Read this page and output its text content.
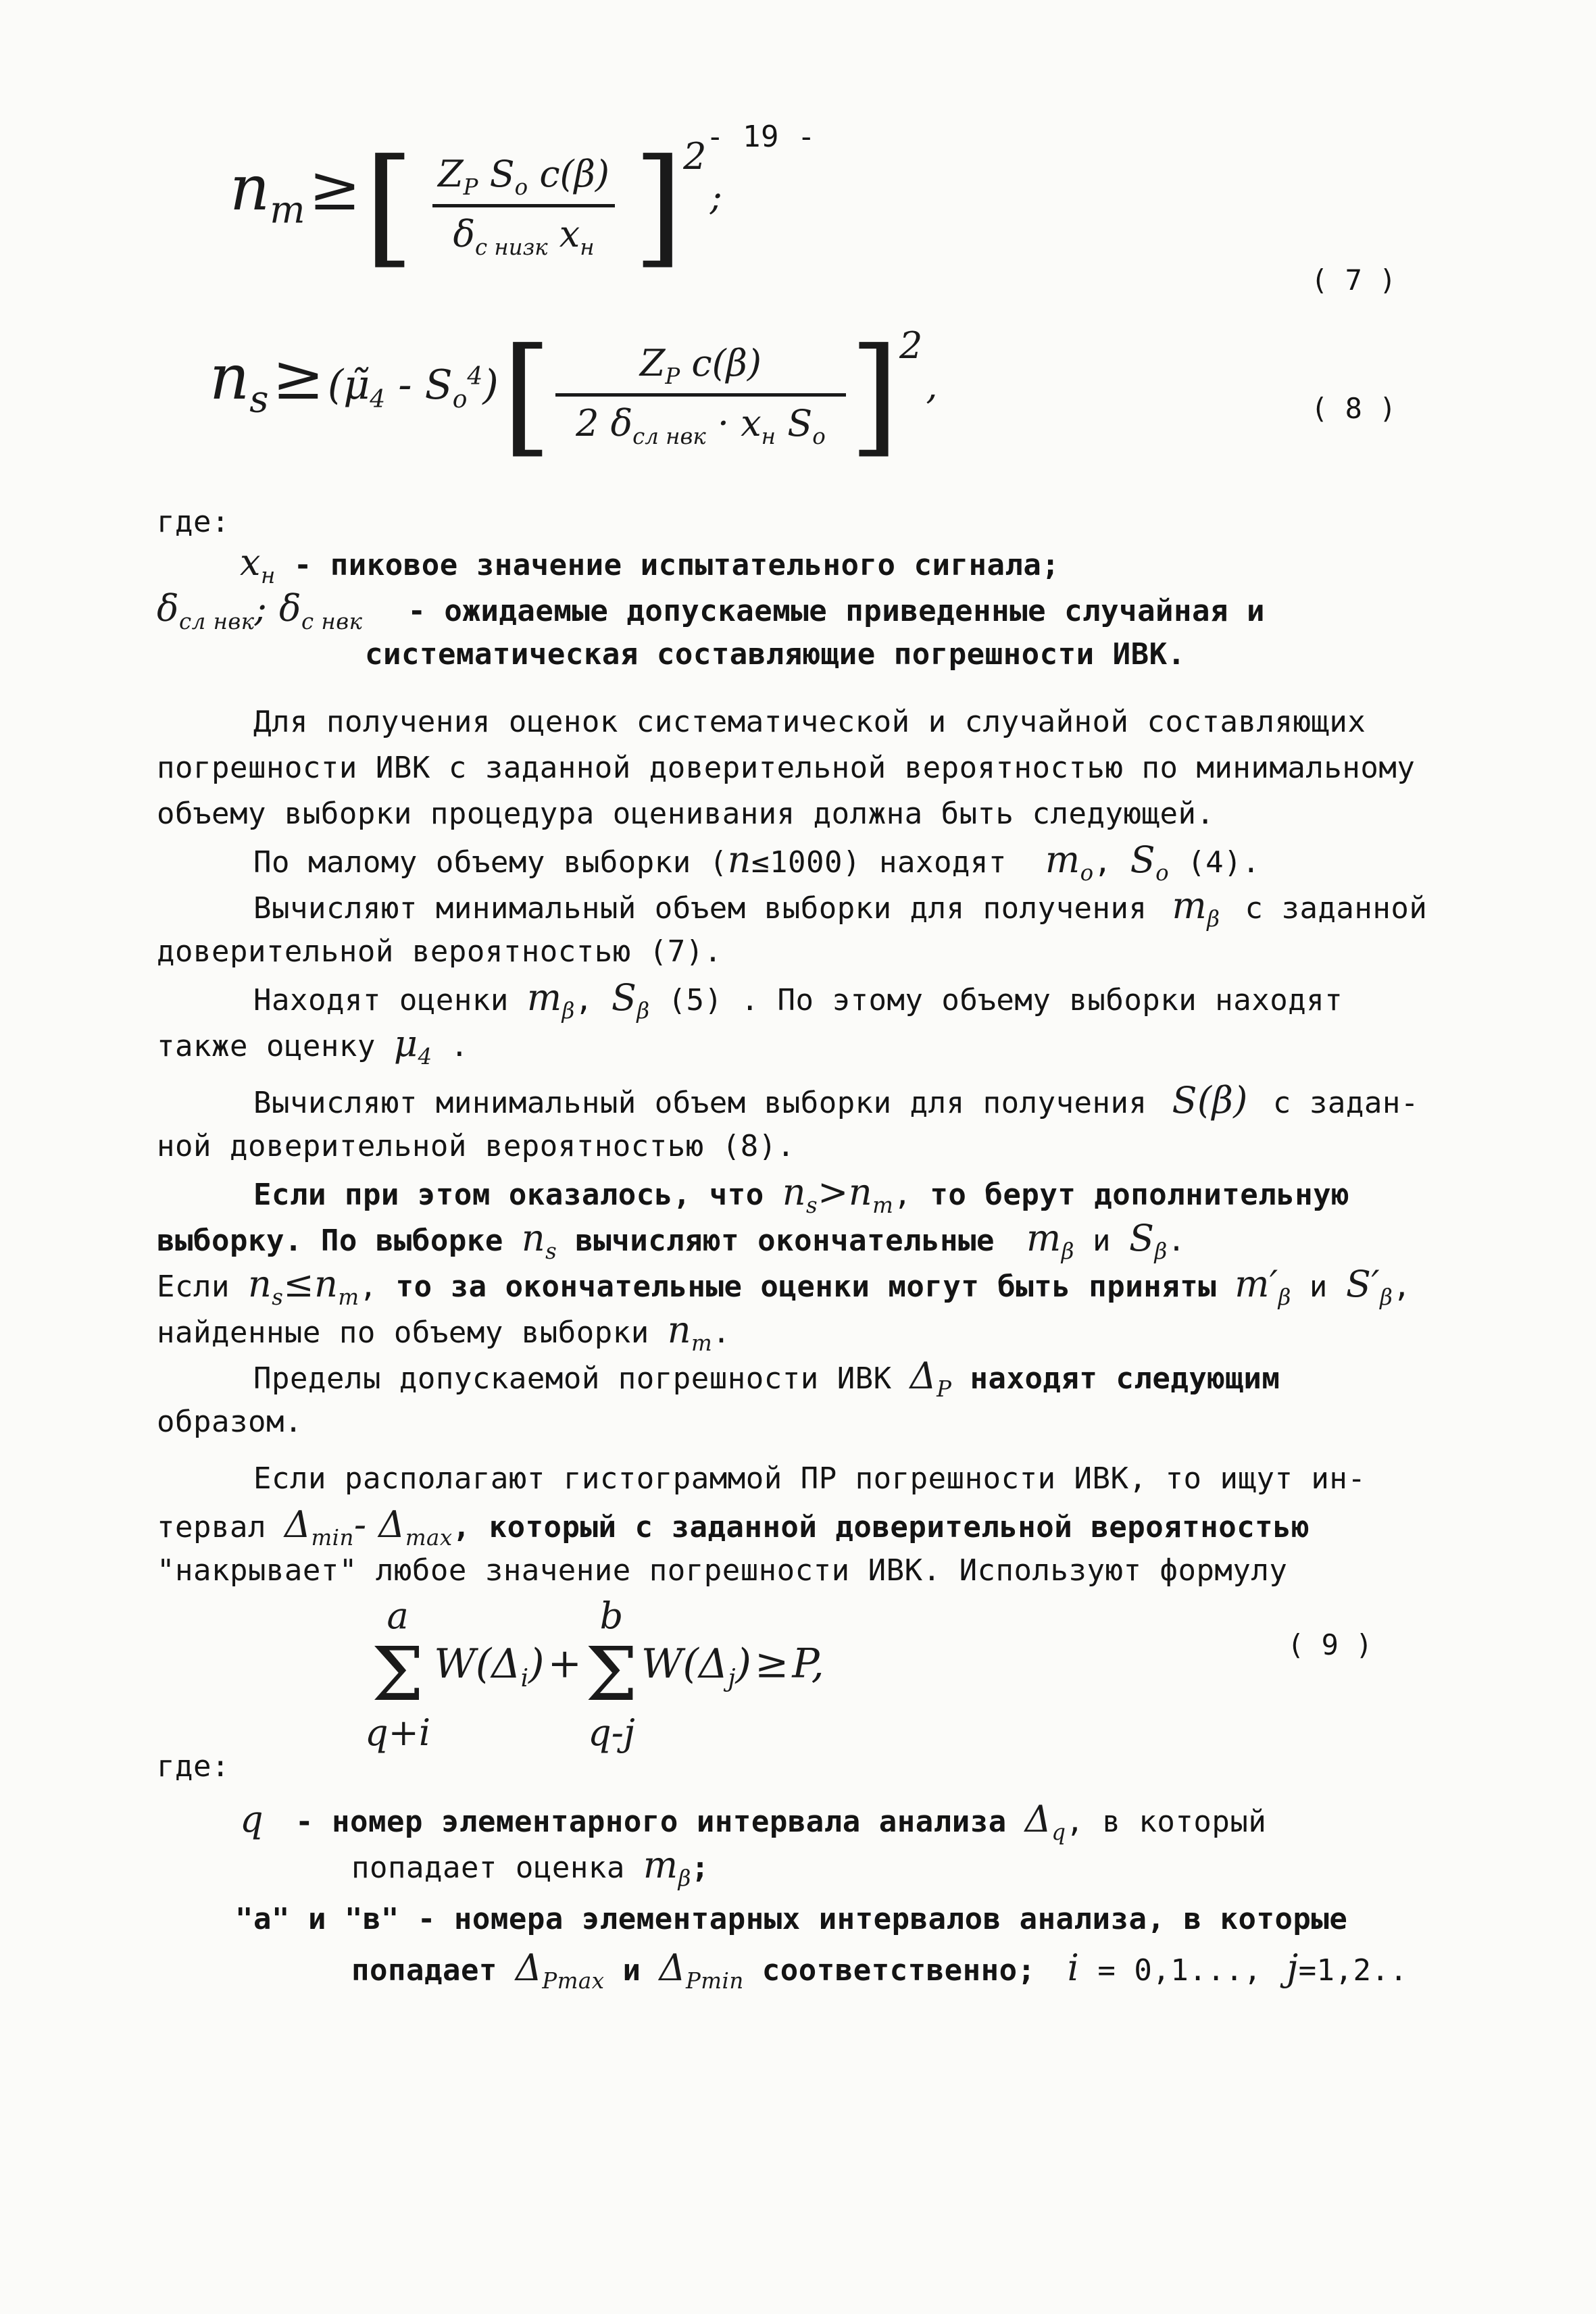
- 19 -
$n_m$ ≥ [ $\frac{Z_P S_o c(\beta)}{\delta_{с низк} x_н} ]^2$ ;
( 7 )
$n_s$ ≥ $(\mũ_4 - S_o^4)$ [ $\frac{Z_P c(\beta)}{2 \delta_{сл нвк} \cdot x_н S_o} ]^2$ ,
( 8 )
где:
$x_н$ - пиковое значение испытательного сигнала;
$\delta_{сл нвк}$; $\delta_{с нвк}$ - ожидаемые допускаемые приведенные случайная и
систематическая составляющие погрешности ИВК.
Для получения оценок систематической и случайной составляющих
погрешности ИВК с заданной доверительной вероятностью по минимальному
объему выборки процедура оценивания должна быть следующей.
По малому объему выборки (n≤1000) находят $m_o$, $S_o$ (4).
Вычисляют минимальный объем выборки для получения $m_\beta$ с заданной
доверительной вероятностью (7).
Находят оценки $m_\beta$, $S_\beta$ (5) . По этому объему выборки находят
также оценку $\mu_4$ .
Вычисляют минимальный объем выборки для получения S(β) с задан-
ной доверительной вероятностью (8).
Если при этом оказалось, что $n_s>n_m$, то берут дополнительную
выборку. По выборке $n_s$ вычисляют окончательные $m_\beta$ и $S_\beta$.
Если $n_s\le n_m$, то за окончательные оценки могут быть приняты $m'_\beta$ и $S'_\beta$,
найденные по объему выборки $n_m$.
Пределы допускаемой погрешности ИВК $\Delta_P$ находят следующим
образом.
Если располагают гистограммой ПР погрешности ИВК, то ищут ин-
тервал $\Delta_{min}-$ $\Delta_{max}$, который с заданной доверительной вероятностью
"накрывает" любое значение погрешности ИВК. Используют формулу
a
Σ
q+i
$W(\Delta_i)$ +
b
Σ
q-j
$W(\Delta_j) \ge P$,	( 9 )
где:
q - номер элементарного интервала анализа $\Delta_q$, в который
попадает оценка $m_\beta$;
"а" и "в" - номера элементарных интервалов анализа, в которые
попадает $\Delta_{Pmax}$ и $\Delta_{Pmin}$ соответственно; i = 0,1..., j=1,2..
